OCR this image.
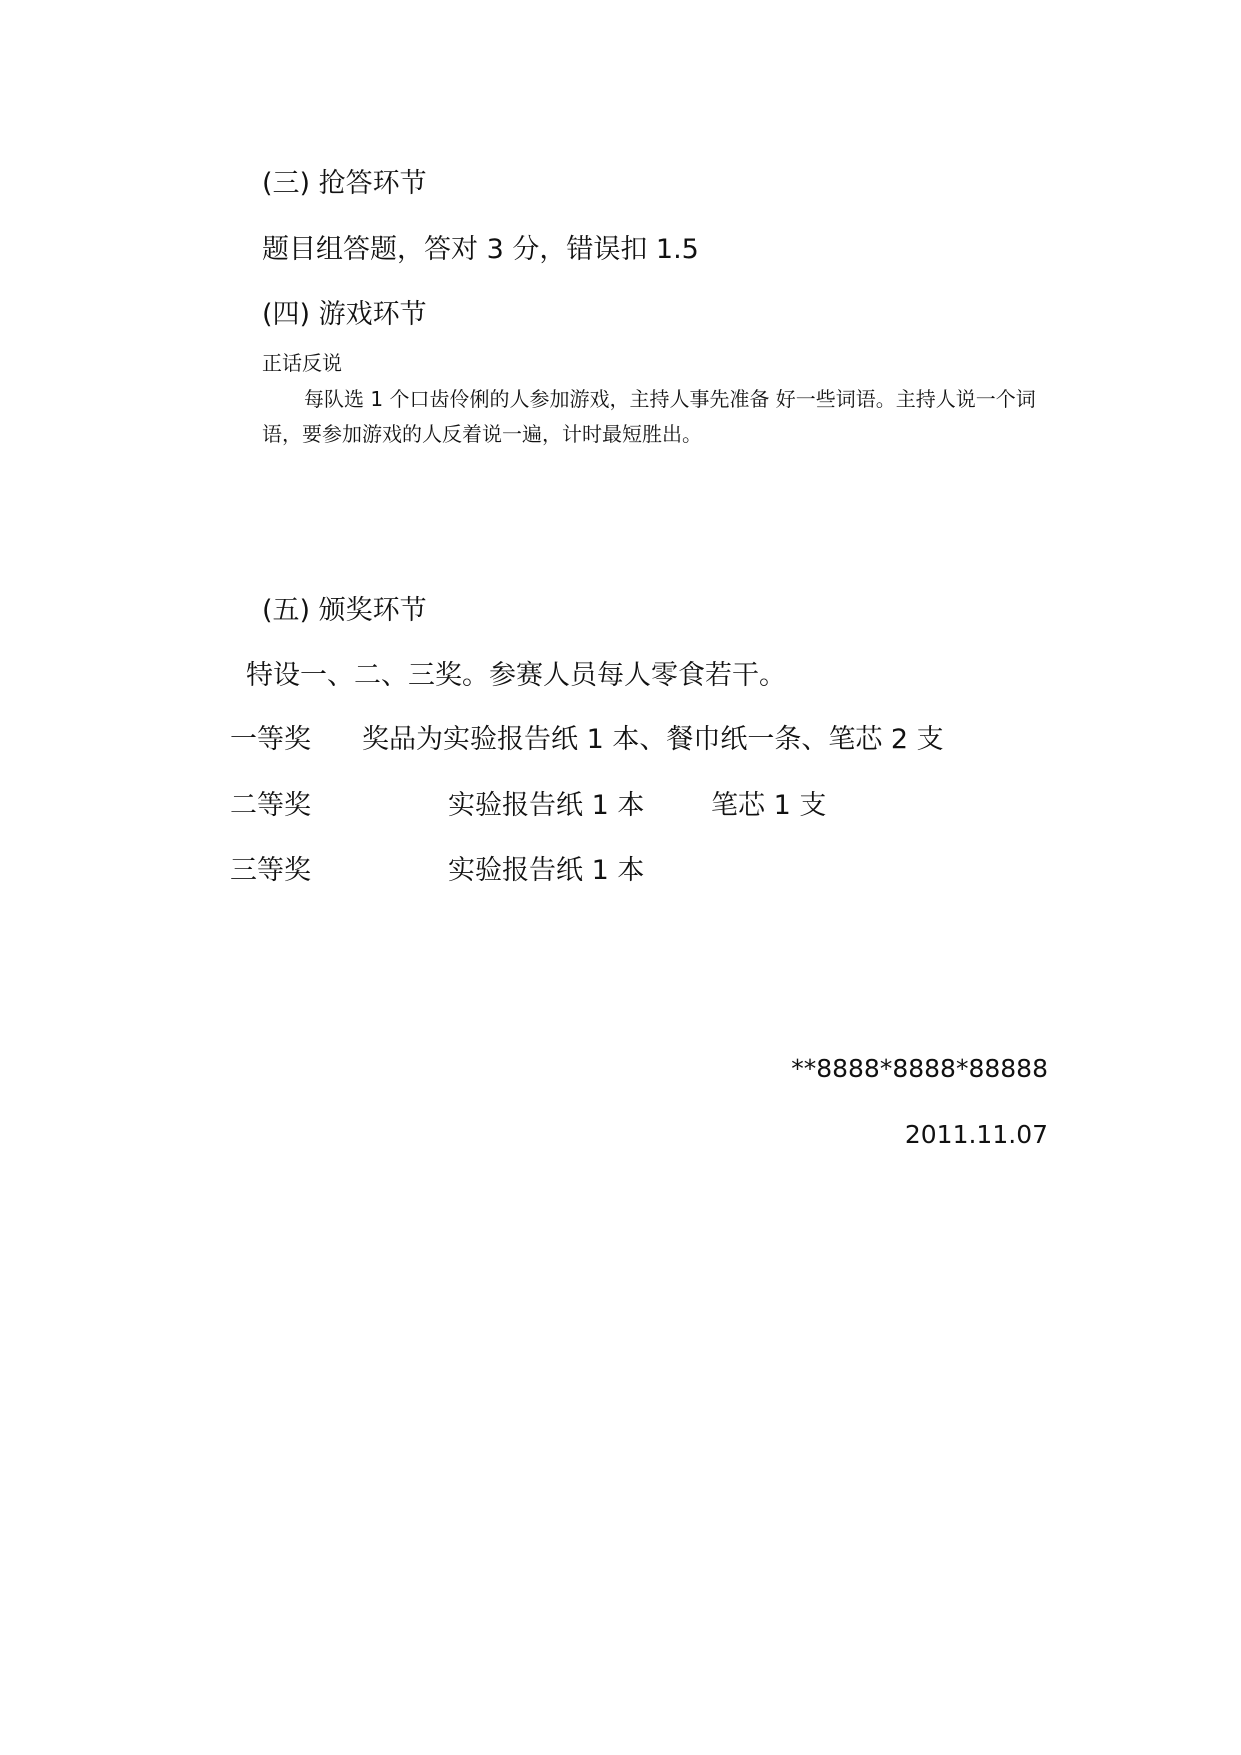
(三) 抢答环节
题目组答题，答对 3 分，错误扣 1.5
(四) 游戏环节
正话反说
每队选 1 个口齿伶俐的人参加游戏，主持人事先准备 好一些词语。主持人说一个词语，要参加游戏的人反着说一遍，计时最短胜出。
(五) 颁奖环节
特设一、二、三奖。参赛人员每人零食若干。
一等奖 奖品为实验报告纸 1 本、餐巾纸一条、笔芯 2 支
二等奖	实验报告纸 1 本 笔芯 1 支
三等奖	实验报告纸 1 本
**8888*8888*88888
2011.11.07
